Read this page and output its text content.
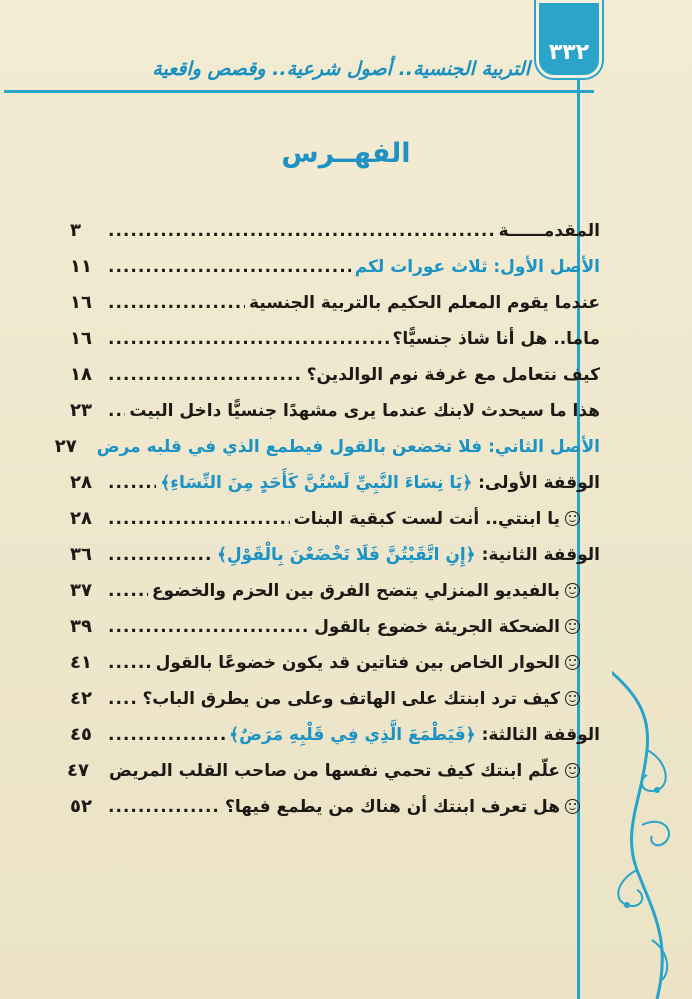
٣٣٢
التربية الجنسية.. أصول شرعية.. وقصص واقعية
الفهــرس
المقدمــــــة
.....
٣
الأصل الأول: ثلاث عورات لكم
.....
١١
عندما يقوم المعلم الحكيم بالتربية الجنسية
.....
١٦
ماما.. هل أنا شاذ جنسيًّا؟
.....
١٦
كيف نتعامل مع غرفة نوم الوالدين؟
.....
١٨
هذا ما سيحدث لابنك عندما يرى مشهدًا جنسيًّا داخل البيت
.....
٢٣
الأصل الثاني: فلا تخضعن بالقول فيطمع الذي في قلبه مرض
٢٧
الوقفة الأولى: ﴿يَا نِسَاءَ النَّبِيِّ لَسْتُنَّ كَأَحَدٍ مِنَ النِّسَاءِ﴾
.....
٢٨
يا ابنتي.. أنت لست كبقية البنات
.....
٢٨
الوقفة الثانية: ﴿إِنِ اتَّقَيْتُنَّ فَلَا تَخْضَعْنَ بِالْقَوْلِ﴾
.....
٣٦
بالفيديو المنزلي يتضح الفرق بين الحزم والخضوع
.....
٣٧
الضحكة الجريئة خضوع بالقول
.....
٣٩
الحوار الخاص بين فتاتين قد يكون خضوعًا بالقول
.....
٤١
كيف ترد ابنتك على الهاتف وعلى من يطرق الباب؟
.....
٤٢
الوقفة الثالثة: ﴿فَيَطْمَعَ الَّذِي فِي قَلْبِهِ مَرَضٌ﴾
.....
٤٥
علّم ابنتك كيف تحمي نفسها من صاحب القلب المريض
٤٧
هل تعرف ابنتك أن هناك من يطمع فيها؟
.....
٥٢
